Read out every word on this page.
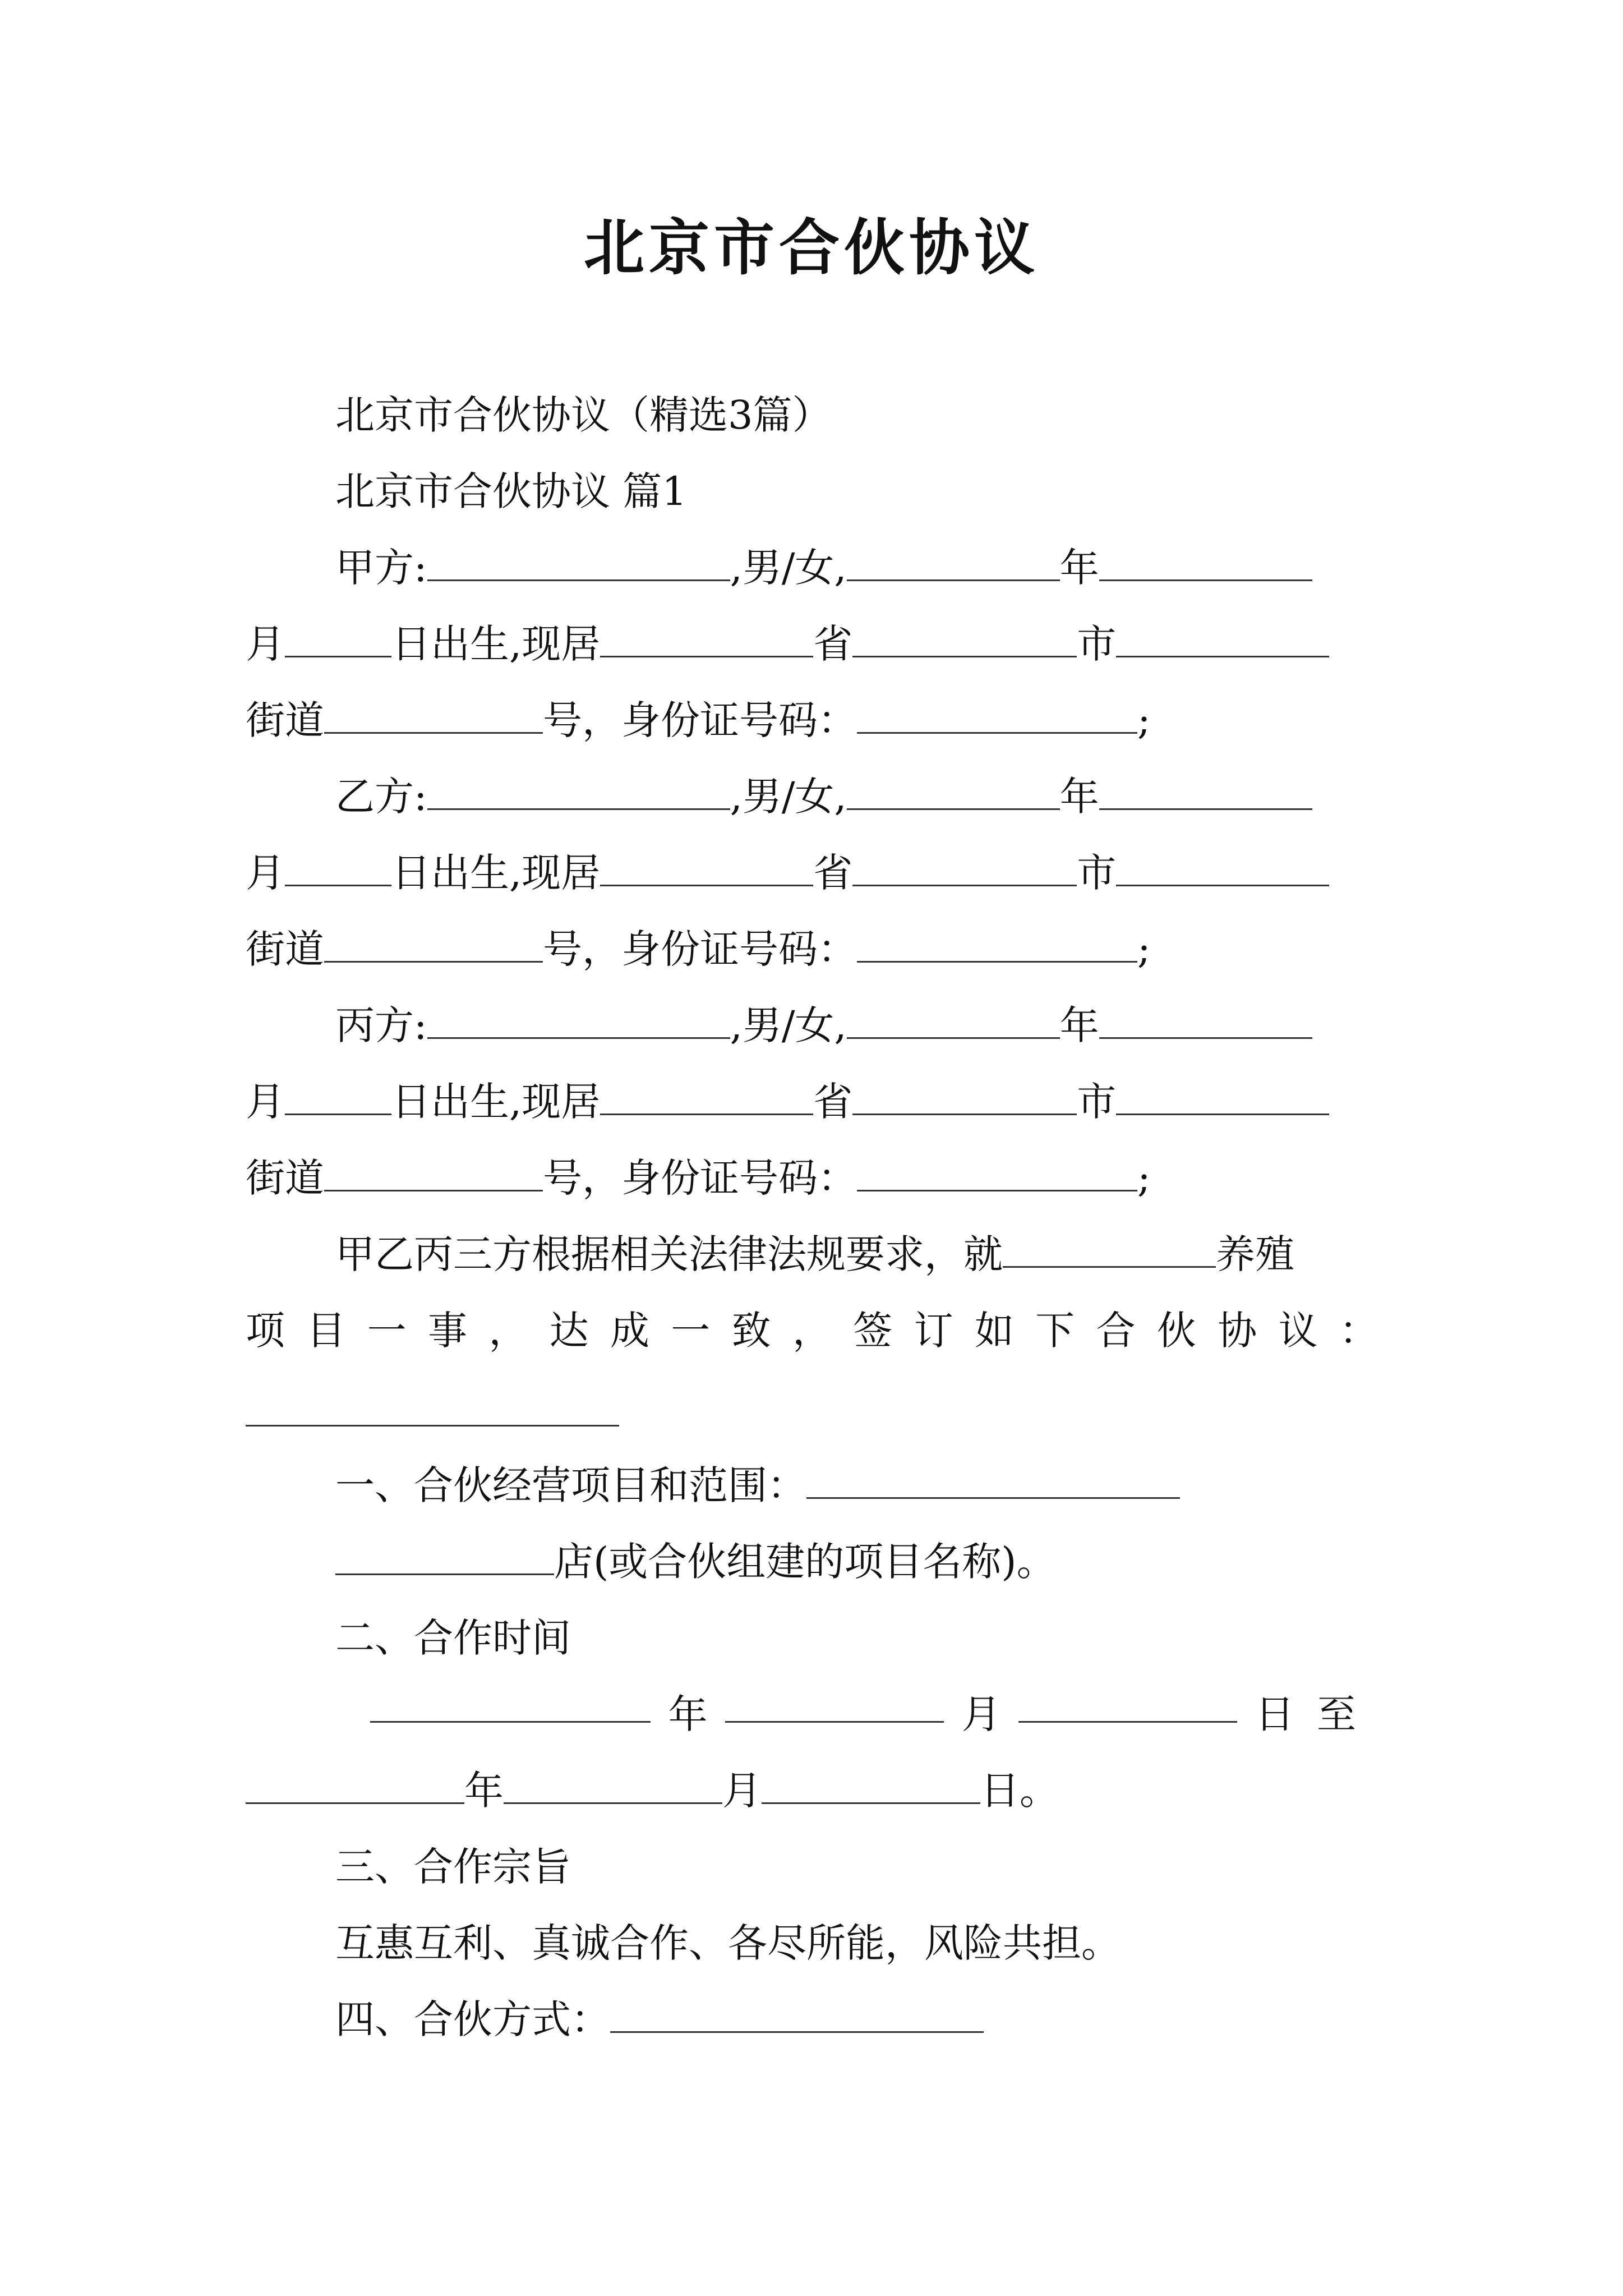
北京市合伙协议
北京市合伙协议（精选3篇）
北京市合伙协议 篇1
甲方:	,男/女,	年
月	日出生,现居	省	市
街道	号，身份证号码：	;
乙方:	,男/女,	年
月	日出生,现居	省	市
街道	号，身份证号码：	;
丙方:	,男/女,	年
月	日出生,现居	省	市
街道	号，身份证号码：	;
甲乙丙三方根据相关法律法规要求，就	养殖
项 目 一 事 ， 达 成 一 致 ， 签 订 如 下 合 伙 协 议 ：
一、合伙经营项目和范围：
店(或合伙组建的项目名称)。
二、合作时间
年	月	日至
年	月	日。
三、合作宗旨
互惠互利、真诚合作、各尽所能，风险共担。
四、合伙方式：
